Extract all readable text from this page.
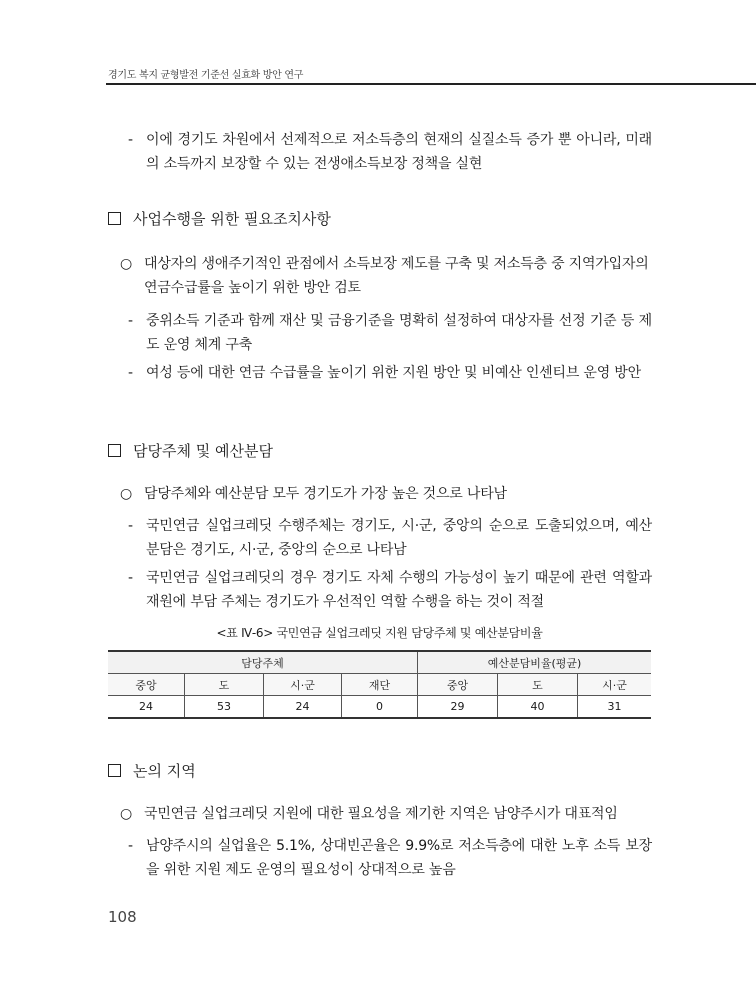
경기도 복지 균형발전 기준선 실효화 방안 연구
- 이에 경기도 차원에서 선제적으로 저소득층의 현재의 실질소득 증가 뿐 아니라, 미래의 소득까지 보장할 수 있는 전생애소득보장 정책을 실현
사업수행을 위한 필요조치사항
○ 대상자의 생애주기적인 관점에서 소득보장 제도를 구축 및 저소득층 중 지역가입자의 연금수급률을 높이기 위한 방안 검토
- 중위소득 기준과 함께 재산 및 금융기준을 명확히 설정하여 대상자를 선정 기준 등 제도 운영 체계 구축
- 여성 등에 대한 연금 수급률을 높이기 위한 지원 방안 및 비예산 인센티브 운영 방안
담당주체 및 예산분담
○ 담당주체와 예산분담 모두 경기도가 가장 높은 것으로 나타남
- 국민연금 실업크레딧 수행주체는 경기도, 시·군, 중앙의 순으로 도출되었으며, 예산 분담은 경기도, 시·군, 중앙의 순으로 나타남
- 국민연금 실업크레딧의 경우 경기도 자체 수행의 가능성이 높기 때문에 관련 역할과 재원에 부담 주체는 경기도가 우선적인 역할 수행을 하는 것이 적절
<표 Ⅳ-6> 국민연금 실업크레딧 지원 담당주체 및 예산분담비율
담당주체				예산분담비율(평균)		
중앙	도	시·군	재단	중앙	도	시·군
24	53	24	0	29	40	31
논의 지역
○ 국민연금 실업크레딧 지원에 대한 필요성을 제기한 지역은 남양주시가 대표적임
- 남양주시의 실업율은 5.1%, 상대빈곤율은 9.9%로 저소득층에 대한 노후 소득 보장을 위한 지원 제도 운영의 필요성이 상대적으로 높음
108
